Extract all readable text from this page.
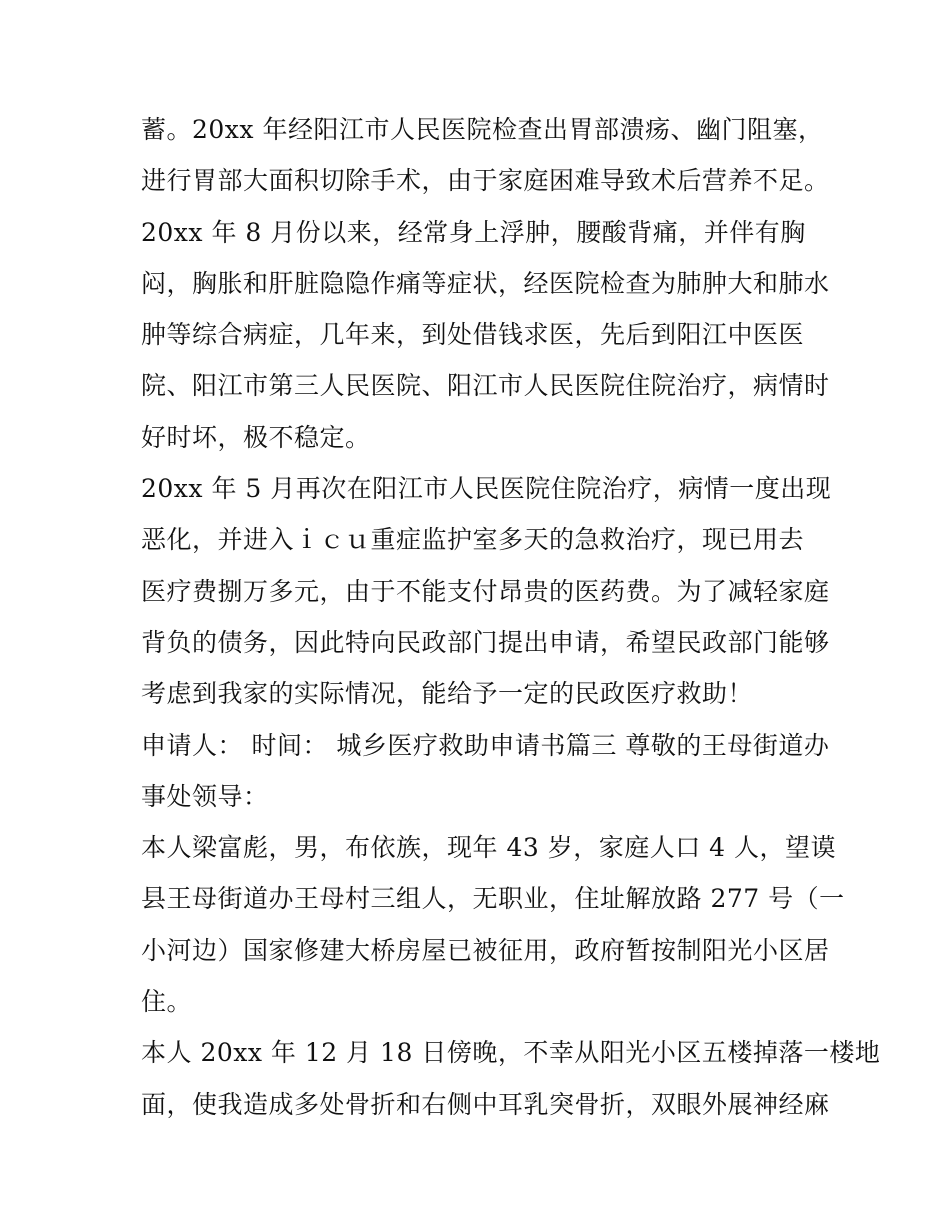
蓄。20xx 年经阳江市人民医院检查出胃部溃疡、幽门阻塞，
进行胃部大面积切除手术，由于家庭困难导致术后营养不足。
20xx 年 8 月份以来，经常身上浮肿，腰酸背痛，并伴有胸
闷，胸胀和肝脏隐隐作痛等症状，经医院检查为肺肿大和肺水
肿等综合病症，几年来，到处借钱求医，先后到阳江中医医
院、阳江市第三人民医院、阳江市人民医院住院治疗，病情时
好时坏，极不稳定。
20xx 年 5 月再次在阳江市人民医院住院治疗，病情一度出现
恶化，并进入ｉｃｕ重症监护室多天的急救治疗，现已用去
医疗费捌万多元，由于不能支付昂贵的医药费。为了减轻家庭
背负的债务，因此特向民政部门提出申请，希望民政部门能够
考虑到我家的实际情况，能给予一定的民政医疗救助！
申请人： 时间： 城乡医疗救助申请书篇三 尊敬的王母街道办
事处领导：
本人梁富彪，男，布依族，现年 43 岁，家庭人口 4 人，望谟
县王母街道办王母村三组人，无职业，住址解放路 277 号（一
小河边）国家修建大桥房屋已被征用，政府暂按制阳光小区居
住。
本人 20xx 年 12 月 18 日傍晚，不幸从阳光小区五楼掉落一楼地
面，使我造成多处骨折和右侧中耳乳突骨折，双眼外展神经麻
